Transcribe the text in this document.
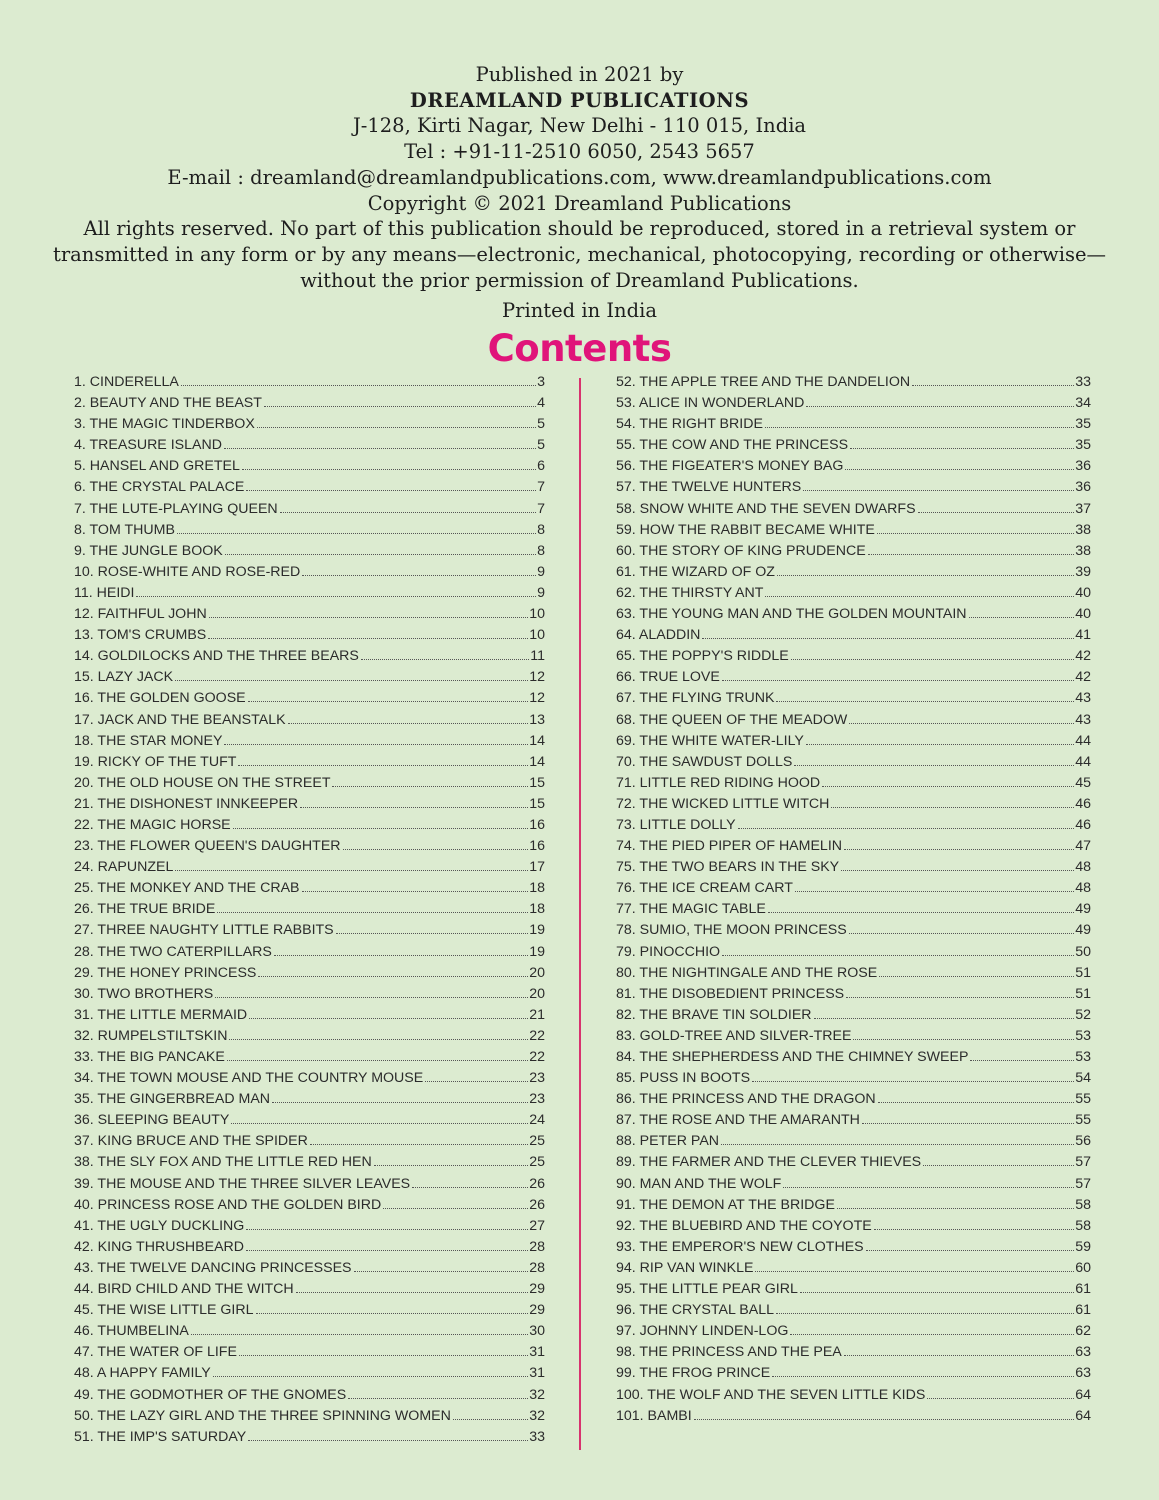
Published in 2021 by
DREAMLAND PUBLICATIONS
J-128, Kirti Nagar, New Delhi - 110 015, India
Tel : +91-11-2510 6050, 2543 5657
E-mail : dreamland@dreamlandpublications.com, www.dreamlandpublications.com
Copyright © 2021 Dreamland Publications
All rights reserved. No part of this publication should be reproduced, stored in a retrieval system or
transmitted in any form or by any means—electronic, mechanical, photocopying, recording or otherwise—
without the prior permission of Dreamland Publications.
Printed in India
Contents
1. CINDERELLA	3
2. BEAUTY AND THE BEAST	4
3. THE MAGIC TINDERBOX	5
4. TREASURE ISLAND	5
5. HANSEL AND GRETEL	6
6. THE CRYSTAL PALACE	7
7. THE LUTE-PLAYING QUEEN	7
8. TOM THUMB	8
9. THE JUNGLE BOOK	8
10. ROSE-WHITE AND ROSE-RED	9
11. HEIDI	9
12. FAITHFUL JOHN	10
13. TOM'S CRUMBS	10
14. GOLDILOCKS AND THE THREE BEARS	11
15. LAZY JACK	12
16. THE GOLDEN GOOSE	12
17. JACK AND THE BEANSTALK	13
18. THE STAR MONEY	14
19. RICKY OF THE TUFT	14
20. THE OLD HOUSE ON THE STREET	15
21. THE DISHONEST INNKEEPER	15
22. THE MAGIC HORSE	16
23. THE FLOWER QUEEN'S DAUGHTER	16
24. RAPUNZEL	17
25. THE MONKEY AND THE CRAB	18
26. THE TRUE BRIDE	18
27. THREE NAUGHTY LITTLE RABBITS	19
28. THE TWO CATERPILLARS	19
29. THE HONEY PRINCESS	20
30. TWO BROTHERS	20
31. THE LITTLE MERMAID	21
32. RUMPELSTILTSKIN	22
33. THE BIG PANCAKE	22
34. THE TOWN MOUSE AND THE COUNTRY MOUSE	23
35. THE GINGERBREAD MAN	23
36. SLEEPING BEAUTY	24
37. KING BRUCE AND THE SPIDER	25
38. THE SLY FOX AND THE LITTLE RED HEN	25
39. THE MOUSE AND THE THREE SILVER LEAVES	26
40. PRINCESS ROSE AND THE GOLDEN BIRD	26
41. THE UGLY DUCKLING	27
42. KING THRUSHBEARD	28
43. THE TWELVE DANCING PRINCESSES	28
44. BIRD CHILD AND THE WITCH	29
45. THE WISE LITTLE GIRL	29
46. THUMBELINA	30
47. THE WATER OF LIFE	31
48. A HAPPY FAMILY	31
49. THE GODMOTHER OF THE GNOMES	32
50. THE LAZY GIRL AND THE THREE SPINNING WOMEN	32
51. THE IMP'S SATURDAY	33
52. THE APPLE TREE AND THE DANDELION	33
53. ALICE IN WONDERLAND	34
54. THE RIGHT BRIDE	35
55. THE COW AND THE PRINCESS	35
56. THE FIGEATER'S MONEY BAG	36
57. THE TWELVE HUNTERS	36
58. SNOW WHITE AND THE SEVEN DWARFS	37
59. HOW THE RABBIT BECAME WHITE	38
60. THE STORY OF KING PRUDENCE	38
61. THE WIZARD OF OZ	39
62. THE THIRSTY ANT	40
63. THE YOUNG MAN AND THE GOLDEN MOUNTAIN	40
64. ALADDIN	41
65. THE POPPY'S RIDDLE	42
66. TRUE LOVE	42
67. THE FLYING TRUNK	43
68. THE QUEEN OF THE MEADOW	43
69. THE WHITE WATER-LILY	44
70. THE SAWDUST DOLLS	44
71. LITTLE RED RIDING HOOD	45
72. THE WICKED LITTLE WITCH	46
73. LITTLE DOLLY	46
74. THE PIED PIPER OF HAMELIN	47
75. THE TWO BEARS IN THE SKY	48
76. THE ICE CREAM CART	48
77. THE MAGIC TABLE	49
78. SUMIO, THE MOON PRINCESS	49
79. PINOCCHIO	50
80. THE NIGHTINGALE AND THE ROSE	51
81. THE DISOBEDIENT PRINCESS	51
82. THE BRAVE TIN SOLDIER	52
83. GOLD-TREE AND SILVER-TREE	53
84. THE SHEPHERDESS AND THE CHIMNEY SWEEP	53
85. PUSS IN BOOTS	54
86. THE PRINCESS AND THE DRAGON	55
87. THE ROSE AND THE AMARANTH	55
88. PETER PAN	56
89. THE FARMER AND THE CLEVER THIEVES	57
90. MAN AND THE WOLF	57
91. THE DEMON AT THE BRIDGE	58
92. THE BLUEBIRD AND THE COYOTE	58
93. THE EMPEROR'S NEW CLOTHES	59
94. RIP VAN WINKLE	60
95. THE LITTLE PEAR GIRL	61
96. THE CRYSTAL BALL	61
97. JOHNNY LINDEN-LOG	62
98. THE PRINCESS AND THE PEA	63
99. THE FROG PRINCE	63
100. THE WOLF AND THE SEVEN LITTLE KIDS	64
101. BAMBI	64
